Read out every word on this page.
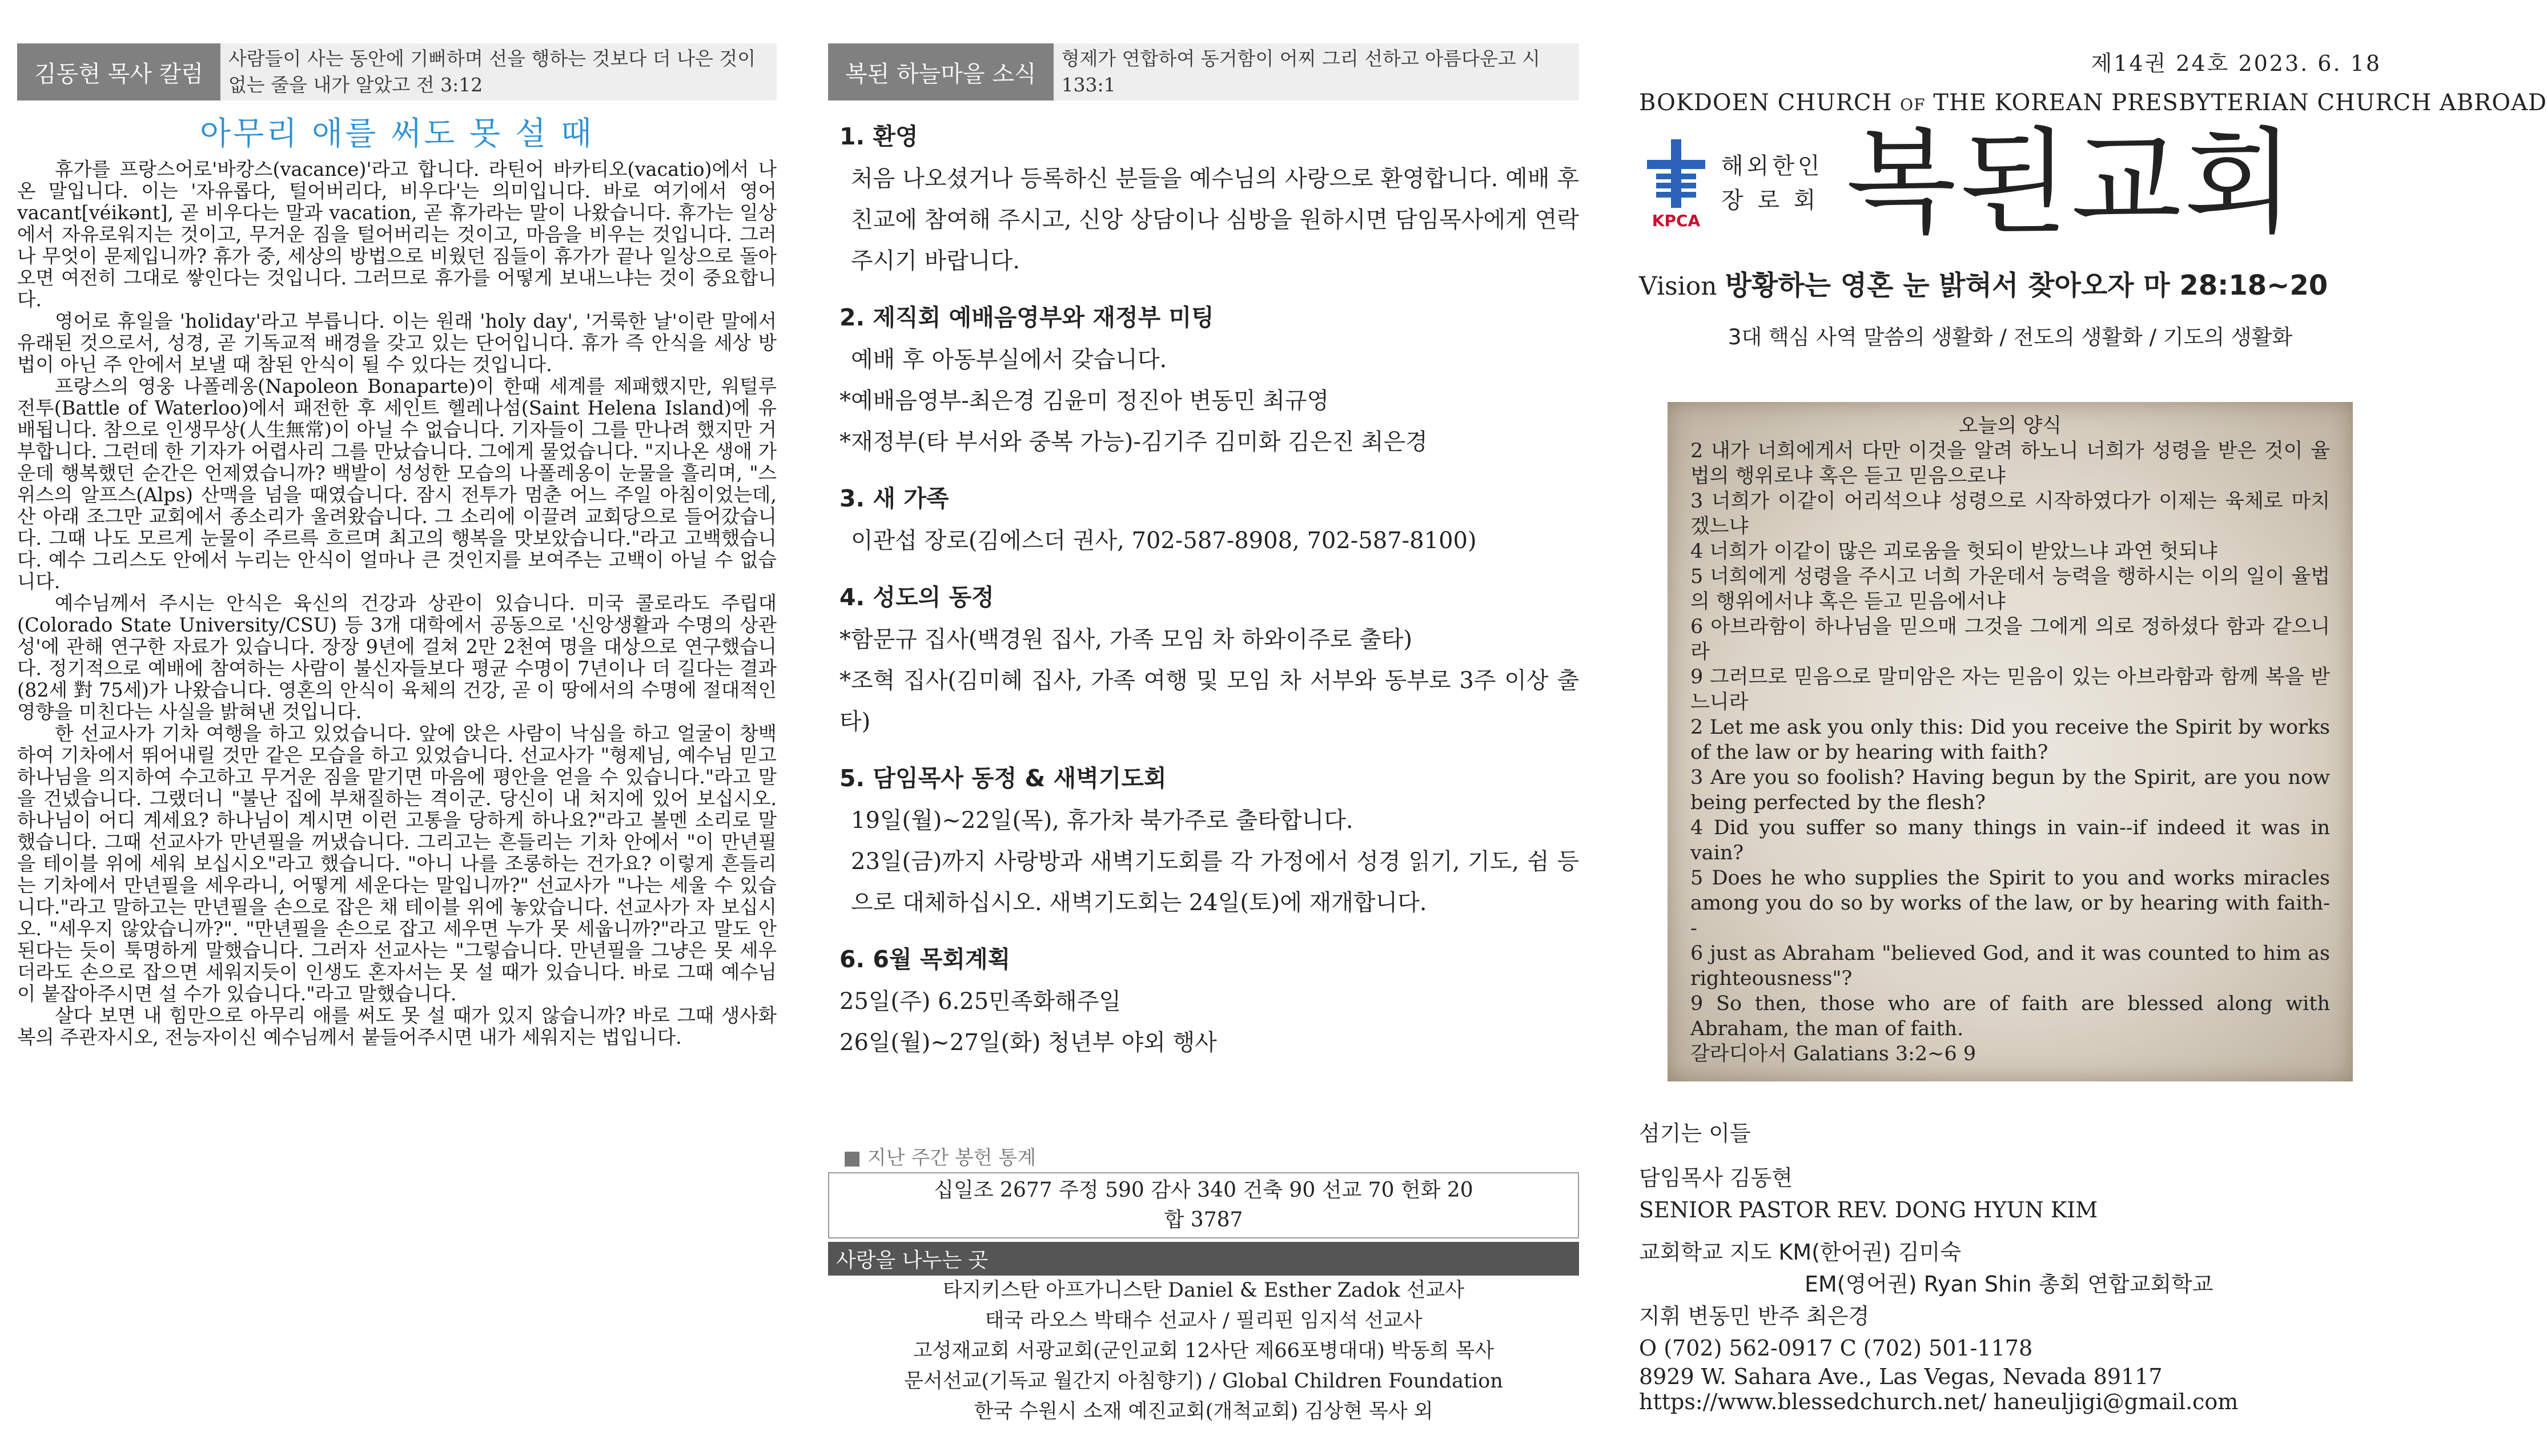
김동현 목사 칼럼
사람들이 사는 동안에 기뻐하며 선을 행하는 것보다 더 나은 것이 없는 줄을 내가 알았고 전 3:12
아무리 애를 써도 못 설 때

휴가를 프랑스어로'바캉스(vacance)'라고 합니다. 라틴어 바카티오(vacatio)에서 나온 말입니다. 이는 '자유롭다, 털어버리다, 비우다'는 의미입니다. 바로 여기에서 영어 vacant[véikənt], 곧 비우다는 말과 vacation, 곧 휴가라는 말이 나왔습니다. 휴가는 일상에서 자유로워지는 것이고, 무거운 짐을 털어버리는 것이고, 마음을 비우는 것입니다. 그러나 무엇이 문제입니까? 휴가 중, 세상의 방법으로 비웠던 짐들이 휴가가 끝나 일상으로 돌아오면 여전히 그대로 쌓인다는 것입니다. 그러므로 휴가를 어떻게 보내느냐는 것이 중요합니다.

영어로 휴일을 'holiday'라고 부릅니다. 이는 원래 'holy day', '거룩한 날'이란 말에서 유래된 것으로서, 성경, 곧 기독교적 배경을 갖고 있는 단어입니다. 휴가 즉 안식을 세상 방법이 아닌 주 안에서 보낼 때 참된 안식이 될 수 있다는 것입니다.

프랑스의 영웅 나폴레옹(Napoleon Bonaparte)이 한때 세계를 제패했지만, 워털루 전투(Battle of Waterloo)에서 패전한 후 세인트 헬레나섬(Saint Helena Island)에 유배됩니다. 참으로 인생무상(人生無常)이 아닐 수 없습니다. 기자들이 그를 만나려 했지만 거부합니다. 그런데 한 기자가 어렵사리 그를 만났습니다. 그에게 물었습니다. "지나온 생애 가운데 행복했던 순간은 언제였습니까? 백발이 성성한 모습의 나폴레옹이 눈물을 흘리며, "스위스의 알프스(Alps) 산맥을 넘을 때였습니다. 잠시 전투가 멈춘 어느 주일 아침이었는데, 산 아래 조그만 교회에서 종소리가 울려왔습니다. 그 소리에 이끌려 교회당으로 들어갔습니다. 그때 나도 모르게 눈물이 주르륵 흐르며 최고의 행복을 맛보았습니다."라고 고백했습니다. 예수 그리스도 안에서 누리는 안식이 얼마나 큰 것인지를 보여주는 고백이 아닐 수 없습니다.

예수님께서 주시는 안식은 육신의 건강과 상관이 있습니다. 미국 콜로라도 주립대(Colorado State University/CSU) 등 3개 대학에서 공동으로 '신앙생활과 수명의 상관성'에 관해 연구한 자료가 있습니다. 장장 9년에 걸쳐 2만 2천여 명을 대상으로 연구했습니다. 정기적으로 예배에 참여하는 사람이 불신자들보다 평균 수명이 7년이나 더 길다는 결과(82세 對 75세)가 나왔습니다. 영혼의 안식이 육체의 건강, 곧 이 땅에서의 수명에 절대적인 영향을 미친다는 사실을 밝혀낸 것입니다.

한 선교사가 기차 여행을 하고 있었습니다. 앞에 앉은 사람이 낙심을 하고 얼굴이 창백하여 기차에서 뛰어내릴 것만 같은 모습을 하고 있었습니다. 선교사가 "형제님, 예수님 믿고 하나님을 의지하여 수고하고 무거운 짐을 맡기면 마음에 평안을 얻을 수 있습니다."라고 말을 건넸습니다. 그랬더니 "불난 집에 부채질하는 격이군. 당신이 내 처지에 있어 보십시오. 하나님이 어디 계세요? 하나님이 계시면 이런 고통을 당하게 하나요?"라고 볼멘 소리로 말했습니다. 그때 선교사가 만년필을 꺼냈습니다. 그리고는 흔들리는 기차 안에서 "이 만년필을 테이블 위에 세워 보십시오"라고 했습니다. "아니 나를 조롱하는 건가요? 이렇게 흔들리는 기차에서 만년필을 세우라니, 어떻게 세운다는 말입니까?" 선교사가 "나는 세울 수 있습니다."라고 말하고는 만년필을 손으로 잡은 채 테이블 위에 놓았습니다. 선교사가 자 보십시오. "세우지 않았습니까?". "만년필을 손으로 잡고 세우면 누가 못 세웁니까?"라고 말도 안 된다는 듯이 툭명하게 말했습니다. 그러자 선교사는 "그렇습니다. 만년필을 그냥은 못 세우더라도 손으로 잡으면 세워지듯이 인생도 혼자서는 못 설 때가 있습니다. 바로 그때 예수님이 붙잡아주시면 설 수가 있습니다."라고 말했습니다.

살다 보면 내 힘만으로 아무리 애를 써도 못 설 때가 있지 않습니까? 바로 그때 생사화복의 주관자시오, 전능자이신 예수님께서 붙들어주시면 내가 세워지는 법입니다.

복된 하늘마을 소식
형제가 연합하여 동거함이 어찌 그리 선하고 아름다운고 시 133:1
1. 환영
처음 나오셨거나 등록하신 분들을 예수님의 사랑으로 환영합니다. 예배 후 친교에 참여해 주시고, 신앙 상담이나 심방을 원하시면 담임목사에게 연락 주시기 바랍니다.
2. 제직회 예배음영부와 재정부 미팅
예배 후 아동부실에서 갖습니다.
*예배음영부-최은경 김윤미 정진아 변동민 최규영
*재정부(타 부서와 중복 가능)-김기주 김미화 김은진 최은경
3. 새 가족
이관섭 장로(김에스더 권사, 702-587-8908, 702-587-8100)
4. 성도의 동정
*함문규 집사(백경원 집사, 가족 모임 차 하와이주로 출타)
*조혁 집사(김미혜 집사, 가족 여행 및 모임 차 서부와 동부로 3주 이상 출타)
5. 담임목사 동정 & 새벽기도회
19일(월)~22일(목), 휴가차 북가주로 출타합니다.
23일(금)까지 사랑방과 새벽기도회를 각 가정에서 성경 읽기, 기도, 쉼 등으로 대체하십시오. 새벽기도회는 24일(토)에 재개합니다.
6. 6월 목회계획
25일(주) 6.25민족화해주일
26일(월)~27일(화) 청년부 야외 행사
■ 지난 주간 봉헌 통계
십일조 2677 주정 590 감사 340 건축 90 선교 70 헌화 20
합 3787
사랑을 나누는 곳
타지키스탄 아프가니스탄 Daniel & Esther Zadok 선교사
태국 라오스 박태수 선교사 / 필리핀 임지석 선교사
고성재교회 서광교회(군인교회 12사단 제66포병대대) 박동희 목사
문서선교(기독교 월간지 아침향기) / Global Children Foundation
한국 수원시 소재 예진교회(개척교회) 김상현 목사 외
제14권 24호 2023. 6. 18
BOKDOEN CHURCH of THE KOREAN PRESBYTERIAN CHURCH ABROAD
KPCA
해외한인
장 로 회 복된교회
Vision 방황하는 영혼 눈 밝혀서 찾아오자 마 28:18~20
3대 핵심 사역 말씀의 생활화 / 전도의 생활화 / 기도의 생활화
오늘의 양식
2 내가 너희에게서 다만 이것을 알려 하노니 너희가 성령을 받은 것이 율법의 행위로냐 혹은 듣고 믿음으로냐
3 너희가 이같이 어리석으냐 성령으로 시작하였다가 이제는 육체로 마치겠느냐
4 너희가 이같이 많은 괴로움을 헛되이 받았느냐 과연 헛되냐
5 너희에게 성령을 주시고 너희 가운데서 능력을 행하시는 이의 일이 율법의 행위에서냐 혹은 듣고 믿음에서냐
6 아브라함이 하나님을 믿으매 그것을 그에게 의로 정하셨다 함과 같으니라
9 그러므로 믿음으로 말미암은 자는 믿음이 있는 아브라함과 함께 복을 받느니라
2 Let me ask you only this: Did you receive the Spirit by works of the law or by hearing with faith?
3 Are you so foolish? Having begun by the Spirit, are you now being perfected by the flesh?
4 Did you suffer so many things in vain--if indeed it was in vain?
5 Does he who supplies the Spirit to you and works miracles among you do so by works of the law, or by hearing with faith--
6 just as Abraham "believed God, and it was counted to him as righteousness"?
9 So then, those who are of faith are blessed along with Abraham, the man of faith.
갈라디아서 Galatians 3:2~6 9
섬기는 이들
담임목사 김동현
SENIOR PASTOR REV. DONG HYUN KIM
교회학교 지도 KM(한어권) 김미숙
EM(영어권) Ryan Shin 총회 연합교회학교
지휘 변동민 반주 최은경
O (702) 562-0917 C (702) 501-1178
8929 W. Sahara Ave., Las Vegas, Nevada 89117
https://www.blessedchurch.net/ haneuljigi@gmail.com
